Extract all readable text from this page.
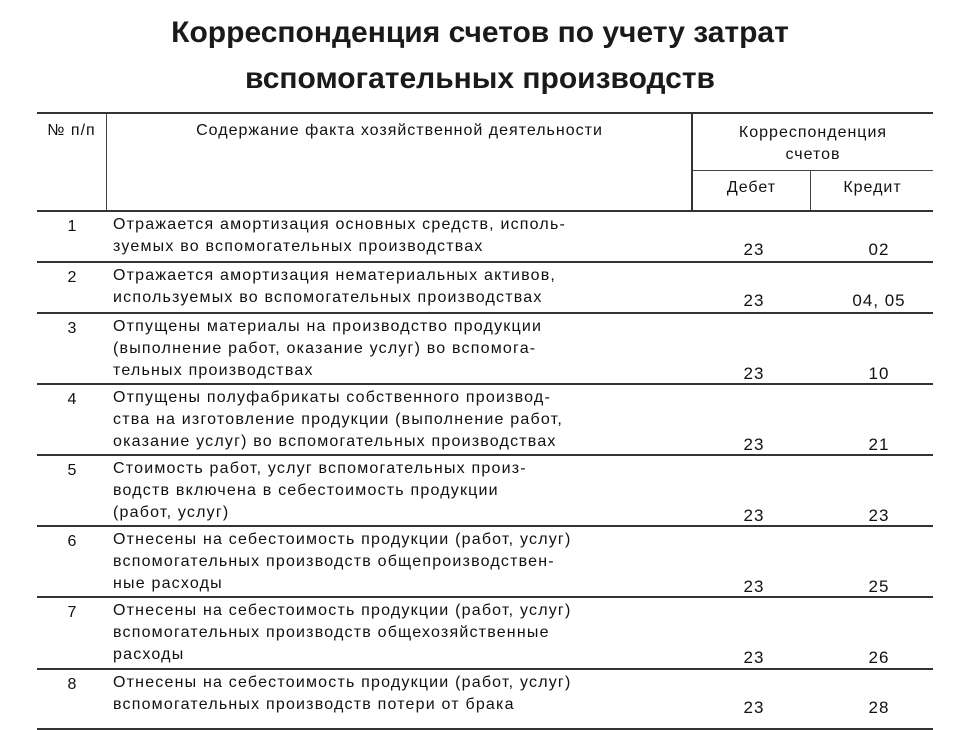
Корреспонденция счетов по учету затрат
вспомогательных производств
№ п/п	Содержание факта хозяйственной деятельности	Корреспонденция
счетов
Дебет	Кредит
1	Отражается амортизация основных средств, исполь-
зуемых во вспомогательных производствах	23	02
2	Отражается амортизация нематериальных активов,
используемых во вспомогательных производствах	23	04, 05
3	Отпущены материалы на производство продукции
(выполнение работ, оказание услуг) во вспомога-
тельных производствах	23	10
4	Отпущены полуфабрикаты собственного производ-
ства на изготовление продукции (выполнение работ,
оказание услуг) во вспомогательных производствах	23	21
5	Стоимость работ, услуг вспомогательных произ-
водств включена в себестоимость продукции
(работ, услуг)	23	23
6	Отнесены на себестоимость продукции (работ, услуг)
вспомогательных производств общепроизводствен-
ные расходы	23	25
7	Отнесены на себестоимость продукции (работ, услуг)
вспомогательных производств общехозяйственные
расходы	23	26
8	Отнесены на себестоимость продукции (работ, услуг)
вспомогательных производств потери от брака	23	28
